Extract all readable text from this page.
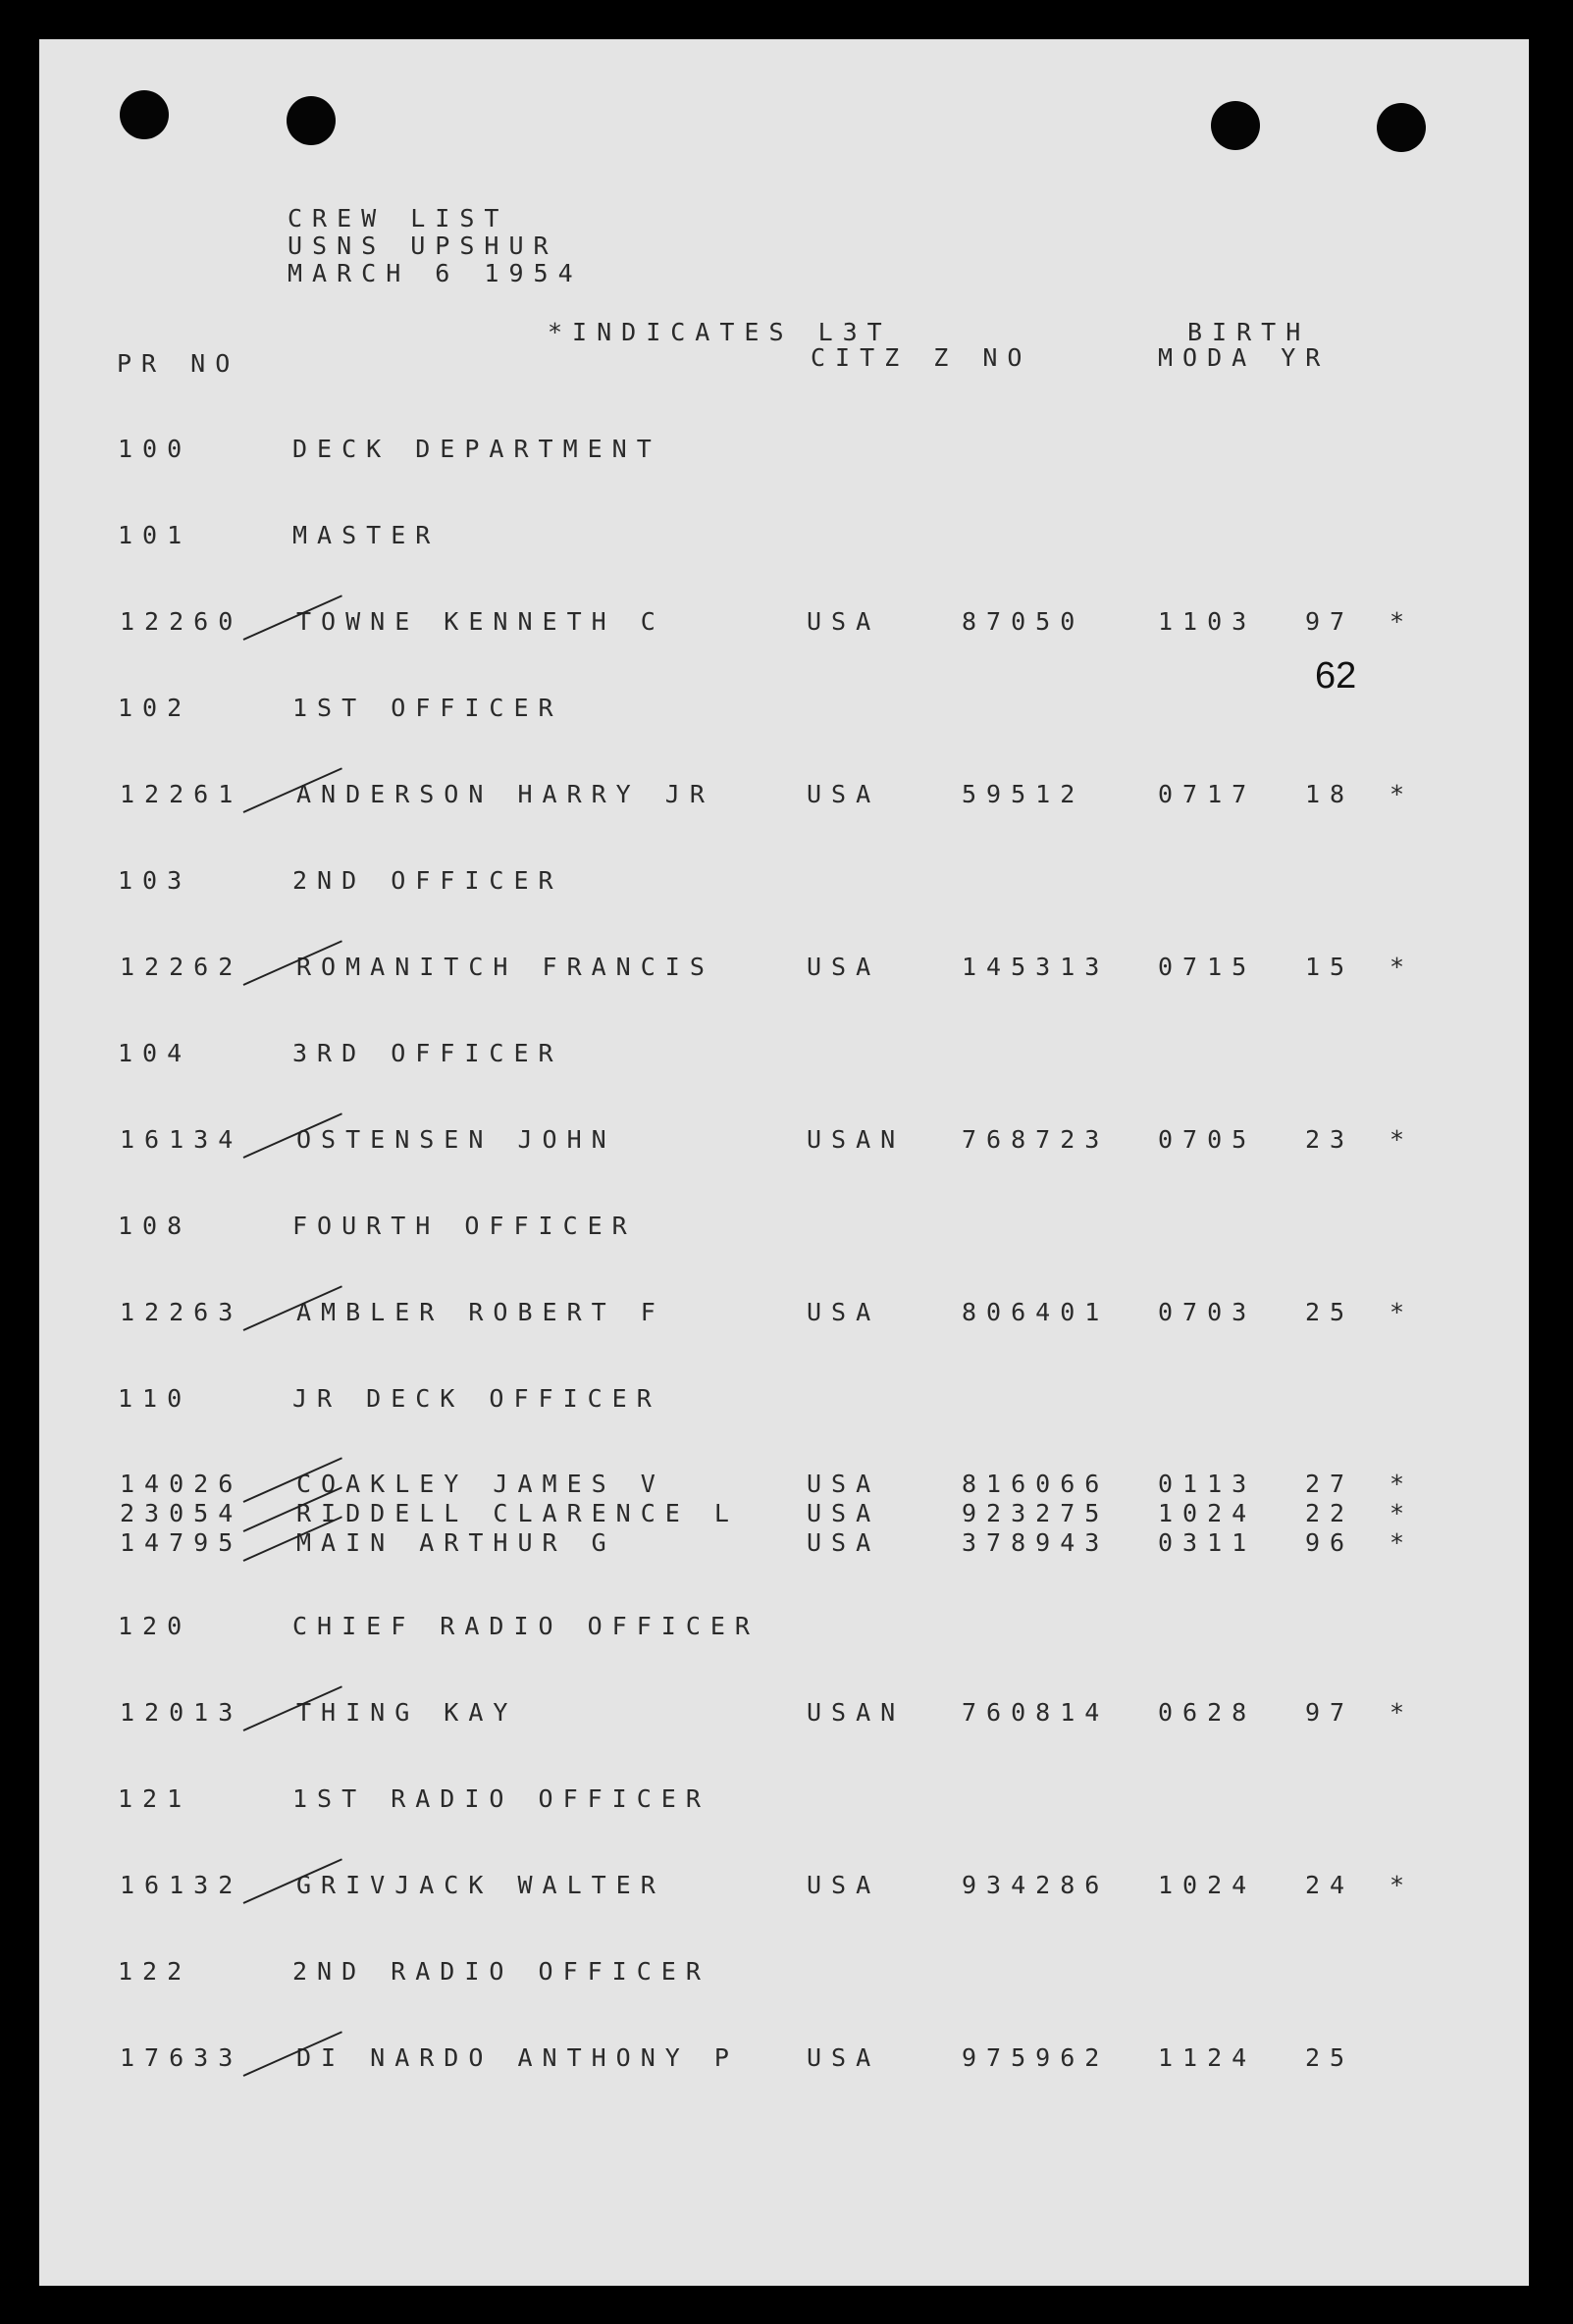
CREW LIST
USNS UPSHUR
MARCH 6 1954
*INDICATES L3T	BIRTH
PR NO	CITZ Z NO	MODA YR
62
100	DECK DEPARTMENT
101	MASTER
12260 TOWNE KENNETH C	USA	87050	1103 97 *
102	1ST OFFICER
12261 ANDERSON HARRY JR	USA	59512	0717 18 *
103	2ND OFFICER
12262 ROMANITCH FRANCIS	USA	145313 0715 15 *
104	3RD OFFICER
16134 OSTENSEN JOHN	USAN 768723 0705 23 *
108	FOURTH OFFICER
12263 AMBLER ROBERT F	USA	806401 0703 25 *
110	JR DECK OFFICER
14026 COAKLEY JAMES V	USA	816066 0113 27 *
23054 RIDDELL CLARENCE L	USA	923275 1024 22 *
14795 MAIN ARTHUR G	USA	378943 0311 96 *
120	CHIEF RADIO OFFICER
12013 THING KAY	USAN 760814 0628 97 *
121	1ST RADIO OFFICER
16132 GRIVJACK WALTER	USA	934286 1024 24 *
122	2ND RADIO OFFICER
17633 DI NARDO ANTHONY P	USA	975962 1124 25
